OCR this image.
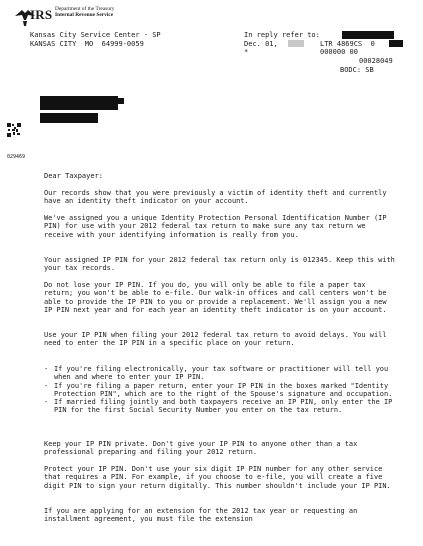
IRS Department of the Treasury
Internal Revenue Service
Kansas City Service Center - SP
KANSAS CITY  MO  64999-0059
In reply refer to:
Dec. 01,	LTR 4869CS  0
*	000000 00
00028049
BODC: SB
029469
Dear Taxpayer:
Our records show that you were previously a victim of identity theft and currently have an identity theft indicator on your account.
We've assigned you a unique Identity Protection Personal Identification Number (IP PIN) for use with your 2012 federal tax return to make sure any tax return we receive with your identifying information is really from you.
Your assigned IP PIN for your 2012 federal tax return only is 012345. Keep this with your tax records.
Do not lose your IP PIN. If you do, you will only be able to file a paper tax return; you won't be able to e-file. Our walk-in offices and call centers won't be able to provide the IP PIN to you or provide a replacement. We'll assign you a new IP PIN next year and for each year an identity theft indicator is on your account.
Use your IP PIN when filing your 2012 federal tax return to avoid delays. You will need to enter the IP PIN in a specific place on your return.
- If you're filing electronically, your tax software or practitioner will tell you when and where to enter your IP PIN.
- If you're filing a paper return, enter your IP PIN in the boxes marked "Identity Protection PIN", which are to the right of the Spouse's signature and occupation.
- If married filing jointly and both taxpayers receive an IP PIN, only enter the IP PIN for the first Social Security Number you enter on the tax return.
Keep your IP PIN private. Don't give your IP PIN to anyone other than a tax professional preparing and filing your 2012 return.
Protect your IP PIN. Don't use your six digit IP PIN number for any other service that requires a PIN. For example, if you choose to e-file, you will create a five digit PIN to sign your return digitally. This number shouldn't include your IP PIN.
If you are applying for an extension for the 2012 tax year or requesting an installment agreement, you must file the extension
